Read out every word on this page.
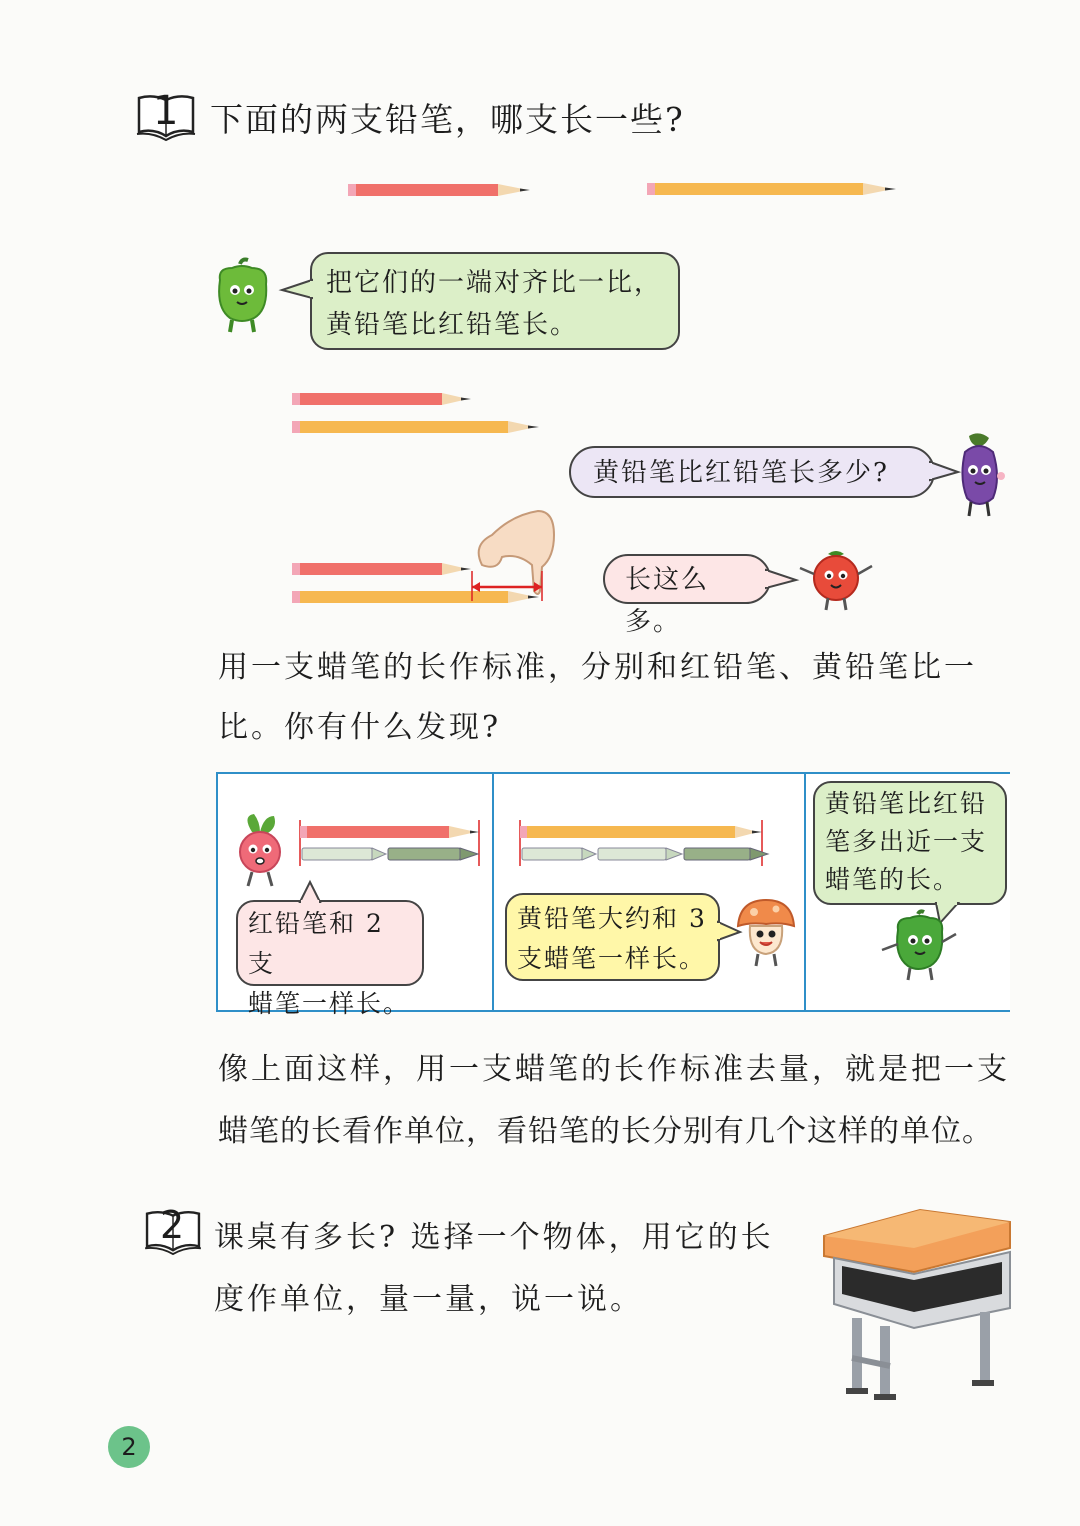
1 下面的两支铅笔，哪支长一些?
把它们的一端对齐比一比，
黄铅笔比红铅笔长。
黄铅笔比红铅笔长多少?
长这么多。
用一支蜡笔的长作标准，分别和红铅笔、黄铅笔比一
比。你有什么发现?
红铅笔和 2 支
蜡笔一样长。
黄铅笔大约和 3
支蜡笔一样长。
黄铅笔比红铅
笔多出近一支
蜡笔的长。
像上面这样，用一支蜡笔的长作标准去量，就是把一支
蜡笔的长看作单位，看铅笔的长分别有几个这样的单位。
2 课桌有多长? 选择一个物体，用它的长
度作单位，量一量，说一说。
2
